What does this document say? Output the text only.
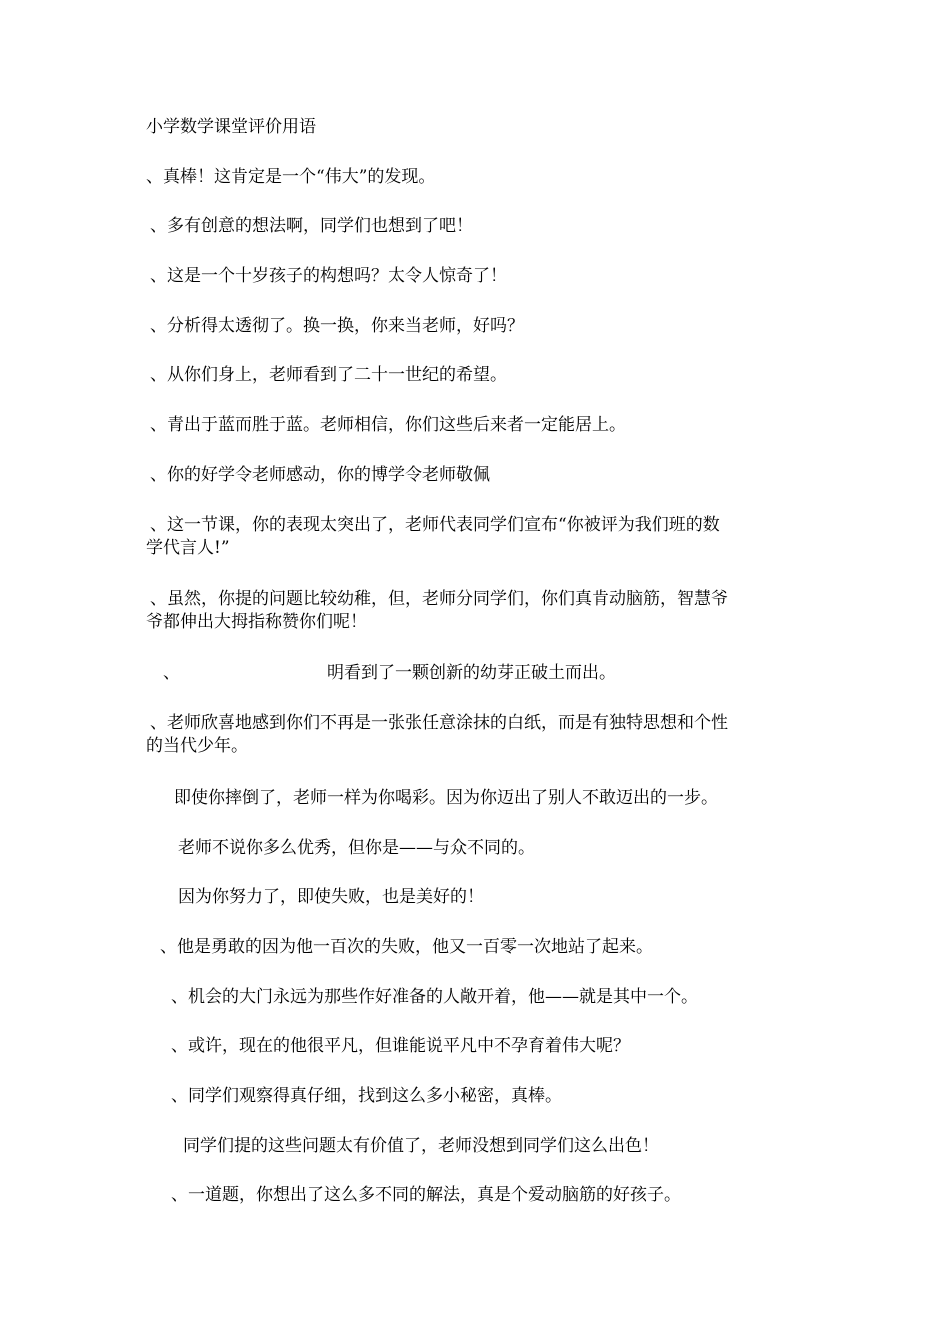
小学数学课堂评价用语
、真棒！这肯定是一个“伟大”的发现。
、多有创意的想法啊，同学们也想到了吧！
、这是一个十岁孩子的构想吗？太令人惊奇了！
、分析得太透彻了。换一换，你来当老师，好吗？
、从你们身上，老师看到了二十一世纪的希望。
、青出于蓝而胜于蓝。老师相信，你们这些后来者一定能居上。
、你的好学令老师感动，你的博学令老师敬佩
、这一节课，你的表现太突出了，老师代表同学们宣布“你被评为我们班的数
学代言人!”
、虽然，你提的问题比较幼稚，但，老师分同学们，你们真肯动脑筋，智慧爷
爷都伸出大拇指称赞你们呢！
、	明看到了一颗创新的幼芽正破土而出。
、老师欣喜地感到你们不再是一张张任意涂抹的白纸，而是有独特思想和个性
的当代少年。
即使你摔倒了，老师一样为你喝彩。因为你迈出了别人不敢迈出的一步。
老师不说你多么优秀，但你是——与众不同的。
因为你努力了，即使失败，也是美好的！
、他是勇敢的因为他一百次的失败，他又一百零一次地站了起来。
、机会的大门永远为那些作好准备的人敞开着，他——就是其中一个。
、或许，现在的他很平凡，但谁能说平凡中不孕育着伟大呢？
、同学们观察得真仔细，找到这么多小秘密，真棒。
同学们提的这些问题太有价值了，老师没想到同学们这么出色！
、一道题，你想出了这么多不同的解法，真是个爱动脑筋的好孩子。
